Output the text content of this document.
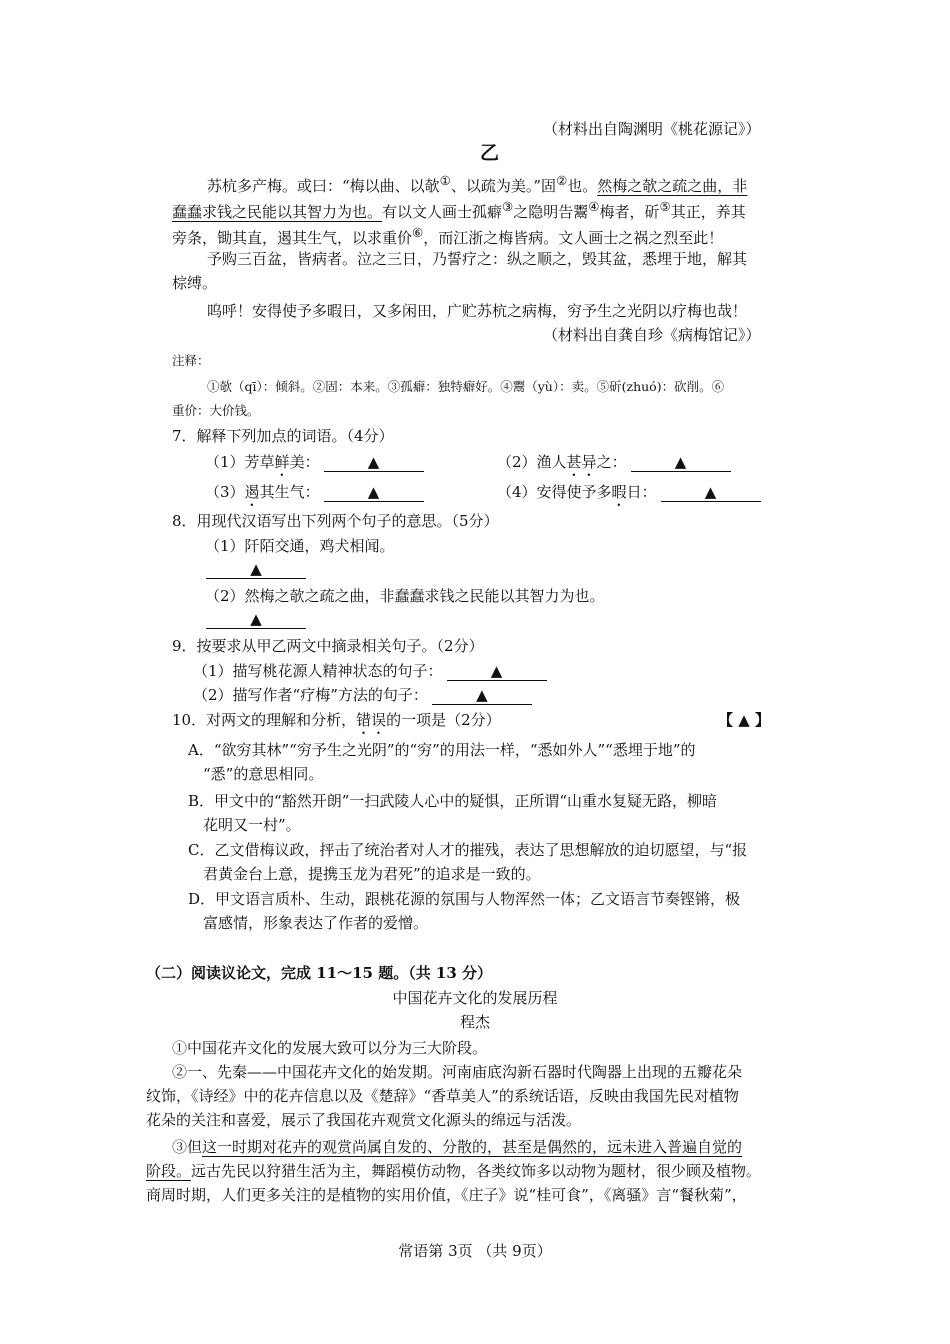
（材料出自陶渊明《桃花源记》）
乙
苏杭多产梅。或曰：“梅以曲、以欹①、以疏为美。”固②也。然梅之欹之疏之曲，非
蠢蠢求钱之民能以其智力为也。有以文人画士孤癖③之隐明告鬻④梅者，斫⑤其正，养其
旁条，锄其直，遏其生气，以求重价⑥，而江浙之梅皆病。文人画士之祸之烈至此！
予购三百盆，皆病者。泣之三日，乃誓疗之：纵之顺之，毁其盆，悉埋于地，解其
棕缚。
呜呼！安得使予多暇日，又多闲田，广贮苏杭之病梅，穷予生之光阴以疗梅也哉！
（材料出自龚自珍《病梅馆记》）
注释：
①欹（qī）：倾斜。②固：本来。③孤癖：独特癖好。④鬻（yù）：卖。⑤斫(zhuó)：砍削。⑥
重价：大价钱。
7．解释下列加点的词语。（4分）
（1）芳草鲜美：	▲	（2）渔人甚异之：	▲
（3）遏其生气：	▲	（4）安得使予多暇日：	▲
8．用现代汉语写出下列两个句子的意思。（5分）
（1）阡陌交通，鸡犬相闻。
▲
（2）然梅之欹之疏之曲，非蠢蠢求钱之民能以其智力为也。
▲
9．按要求从甲乙两文中摘录相关句子。（2分）
（1）描写桃花源人精神状态的句子：	▲
（2）描写作者“疗梅”方法的句子：	▲
10．对两文的理解和分析，错误的一项是（2分）	【 ▲ 】
A．“欲穷其林”“穷予生之光阴”的“穷”的用法一样，“悉如外人”“悉埋于地”的
“悉”的意思相同。
B．甲文中的“豁然开朗”一扫武陵人心中的疑惧，正所谓“山重水复疑无路，柳暗
花明又一村”。
C．乙文借梅议政，抨击了统治者对人才的摧残，表达了思想解放的迫切愿望，与“报
君黄金台上意，提携玉龙为君死”的追求是一致的。
D．甲文语言质朴、生动，跟桃花源的氛围与人物浑然一体；乙文语言节奏铿锵，极
富感情，形象表达了作者的爱憎。
（二）阅读议论文，完成 11～15 题。（共 13 分）
中国花卉文化的发展历程
程杰
①中国花卉文化的发展大致可以分为三大阶段。
②一、先秦——中国花卉文化的始发期。河南庙底沟新石器时代陶器上出现的五瓣花朵
纹饰，《诗经》中的花卉信息以及《楚辞》“香草美人”的系统话语，反映由我国先民对植物
花朵的关注和喜爱，展示了我国花卉观赏文化源头的绵远与活泼。
③但这一时期对花卉的观赏尚属自发的、分散的，甚至是偶然的，远未进入普遍自觉的
阶段。远古先民以狩猎生活为主，舞蹈模仿动物，各类纹饰多以动物为题材，很少顾及植物。
商周时期，人们更多关注的是植物的实用价值，《庄子》说“桂可食”，《离骚》言“餐秋菊”，
常语第 3页 （共 9页）
